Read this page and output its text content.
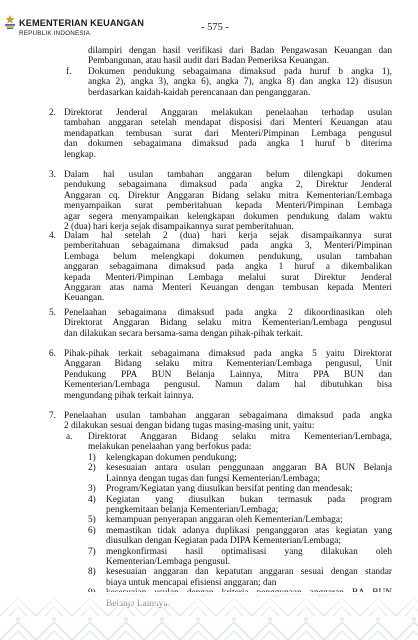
KEMENTERIAN KEUANGAN
REPUBLIK INDONESIA
- 575 -
dilampiri dengan hasil verifikasi dari Badan Pengawasan Keuangan dan
Pembangunan, atau hasil audit dari Badan Pemeriksa Keuangan.
f. Dokumen pendukung sebagaimana dimaksud pada huruf b angka 1),
angka 2), angka 3), angka 6), angka 7), angka 8) dan angka 12) disusun
berdasarkan kaidah-kaidah perencanaan dan penganggaran.
2. Direktorat Jenderal Anggaran melakukan penelaahan terhadap usulan
tambahan anggaran setelah mendapat disposisi dari Menteri Keuangan atau
mendapatkan tembusan surat dari Menteri/Pimpinan Lembaga pengusul
dan dokumen sebagaimana dimaksud pada angka 1 huruf b diterima
lengkap.
3. Dalam hal usulan tambahan anggaran belum dilengkapi dokumen
pendukung sebagaimana dimaksud pada angka 2, Direktur Jenderal
Anggaran cq. Direktur Anggaran Bidang selaku mitra Kementerian/Lembaga
menyampaikan surat pemberitahuan kepada Menteri/Pimpinan Lembaga
agar segera menyampaikan kelengkapan dokumen pendukung dalam waktu
2 (dua) hari kerja sejak disampaikannya surat pemberitahuan.
4. Dalam hal setelah 2 (dua) hari kerja sejak disampaikannya surat
pemberitahuan sebagaimana dimaksud pada angka 3, Menteri/Pimpinan
Lembaga belum melengkapi dokumen pendukung, usulan tambahan
anggaran sebagaimana dimaksud pada angka 1 huruf a dikembalikan
kepada Menteri/Pimpinan Lembaga melalui surat Direktur Jenderal
Anggaran atas nama Menteri Keuangan dengan tembusan kepada Menteri
Keuangan.
5. Penelaahan sebagaimana dimaksud pada angka 2 dikoordinasikan oleh
Direktorat Anggaran Bidang selaku mitra Kementerian/Lembaga pengusul
dan dilakukan secara bersama-sama dengan pihak-pihak terkait.
6. Pihak-pihak terkait sebagaimana dimaksud pada angka 5 yaitu Direktorat
Anggaran Bidang selaku mitra Kementerian/Lembaga pengusul, Unit
Pendukung PPA BUN Belanja Lainnya, Mitra PPA BUN dan
Kementerian/Lembaga pengusul. Namun dalam hal dibutuhkan bisa
mengundang pihak terkait lainnya.
7. Penelaahan usulan tambahan anggaran sebagaimana dimaksud pada angka
2 dilakukan sesuai dengan bidang tugas masing-masing unit, yaitu:
a. Direktorat Anggaran Bidang selaku mitra Kementerian/Lembaga,
melakukan penelaahan yang berfokus pada:
1) kelengkapan dokumen pendukung;
2) kesesuaian antara usulan penggunaan anggaran BA BUN Belanja
Lainnya dengan tugas dan fungsi Kementerian/Lembaga;
3) Program/Kegiatan yang diusulkan bersifat penting dan mendesak;
4) Kegiatan yang diusulkan bukan termasuk pada program
pengkemitaan belanja Kementerian/Lembaga;
5) kemampuan penyerapan anggaran oleh Kementerian/Lembaga;
6) memastikan tidak adanya duplikasi penganggaran atas kegiatan yang
diusulkan dengan Kegiatan pada DIPA Kementerian/Lembaga;
7) mengkonfirmasi hasil optimalisasi yang dilakukan oleh
Kementerian/Lembaga pengusul.
8) kesesuaian anggaran dan kepatutan anggaran sesuai dengan standar
biaya untuk mencapai efisiensi anggaran; dan
